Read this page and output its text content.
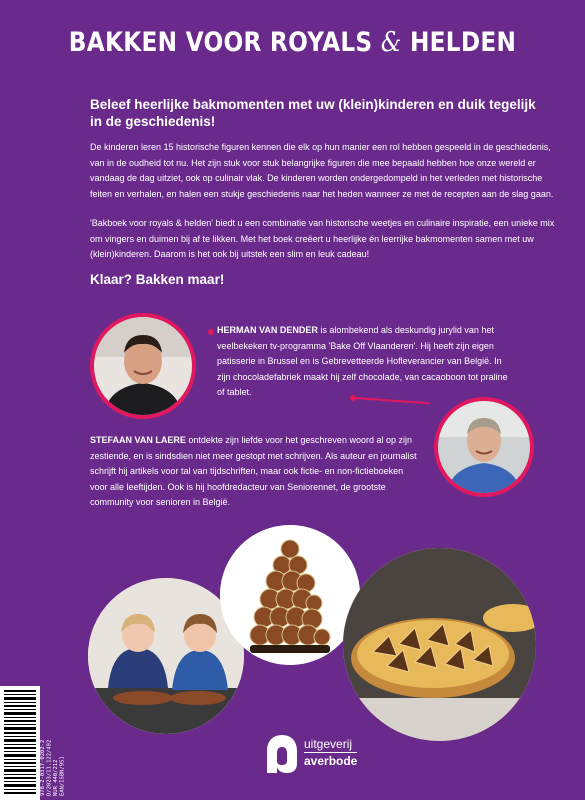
BAKKEN VOOR ROYALS & HELDEN
Beleef heerlijke bakmomenten met uw (klein)kinderen en duik tegelijk in de geschiedenis!
De kinderen leren 15 historische figuren kennen die elk op hun manier een rol hebben gespeeld in de geschiedenis, van in de oudheid tot nu. Het zijn stuk voor stuk belangrijke figuren die mee bepaald hebben hoe onze wereld er vandaag de dag uitziet, ook op culinair vlak. De kinderen worden ondergedompeld in het verleden met historische feiten en verhalen, en halen een stukje geschiedenis naar het heden wanneer ze met de recepten aan de slag gaan.
'Bakboek voor royals & helden' biedt u een combinatie van historische weetjes en culinaire inspiratie, een unieke mix om vingers en duimen bij af te likken. Met het boek creëert u heerlijke én leerrijke bakmomenten samen met uw (klein)kinderen. Daarom is het ook bij uitstek een slim en leuk cadeau!
Klaar? Bakken maar!
HERMAN VAN DENDER is alombekend als deskundig jurylid van het veelbekeken tv-programma 'Bake Off Vlaanderen'. Hij heeft zijn eigen patisserie in Brussel en is Gebrevetteerde Hofleverancier van België. In zijn chocoladefabriek maakt hij zelf chocolade, van cacaoboon tot praline of tablet.
STEFAAN VAN LAERE ontdekte zijn liefde voor het geschreven woord al op zijn zestiende, en is sindsdien niet meer gestopt met schrijven. Als auteur en journalist schrijft hij artikels voor tal van tijdschriften, maar ook fictie- en non-fictieboeken voor alle leeftijden. Ook is hij hoofdredacteur van Seniorennet, de grootste community voor senioren in België.
978-2-0317-0202-2 D/2023/11.122/492 NUR 440/212 EAN/ISBN/951
uitgeverij
averbode
